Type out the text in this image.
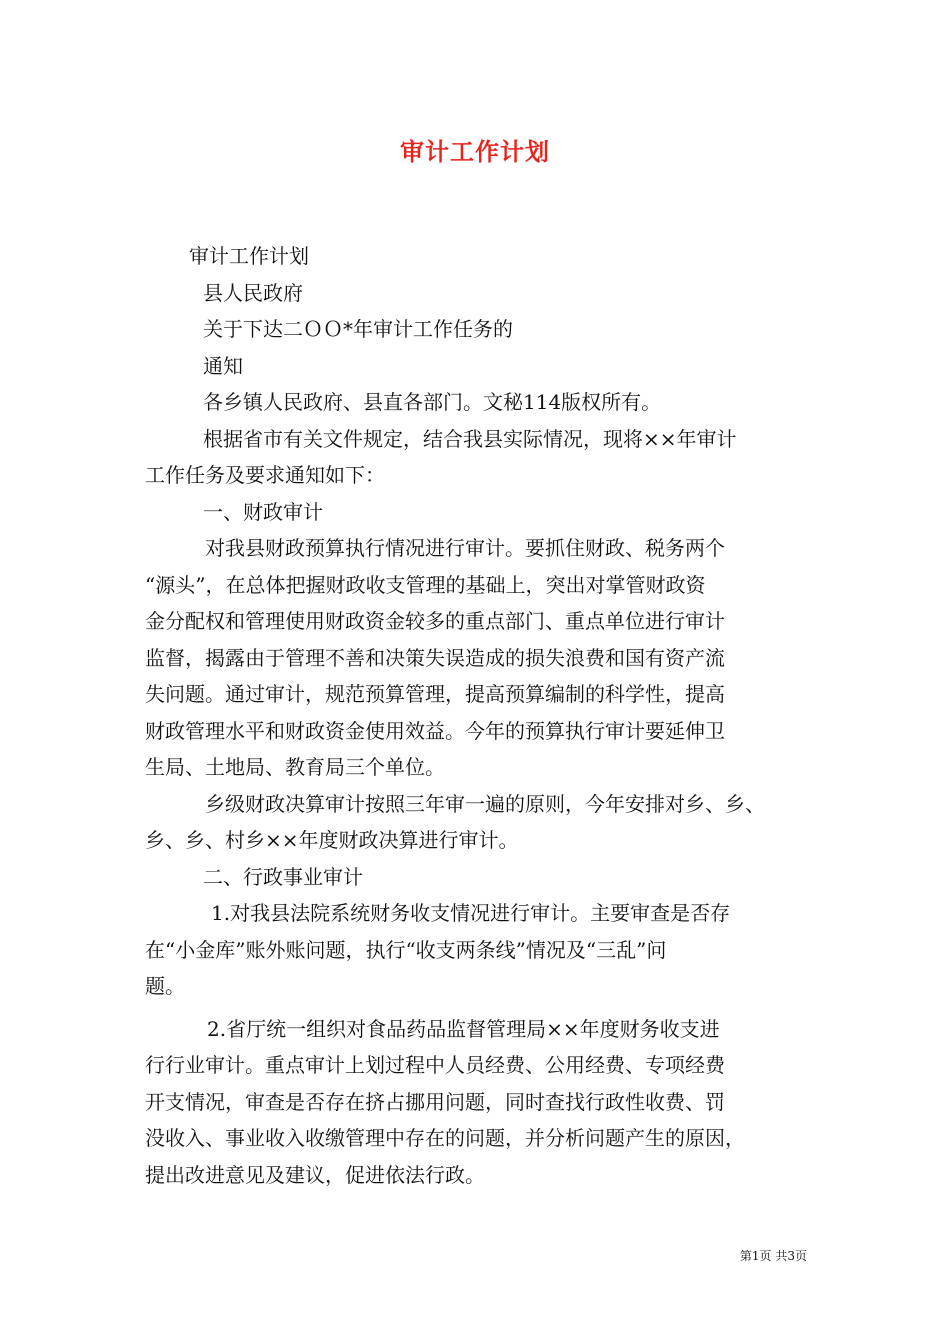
审计工作计划
审计工作计划
县人民政府
关于下达二ＯＯ*年审计工作任务的
通知
各乡镇人民政府、县直各部门。文秘114版权所有。
根据省市有关文件规定，结合我县实际情况，现将××年审计
工作任务及要求通知如下：
一、财政审计
对我县财政预算执行情况进行审计。要抓住财政、税务两个
“源头”，在总体把握财政收支管理的基础上，突出对掌管财政资
金分配权和管理使用财政资金较多的重点部门、重点单位进行审计
监督，揭露由于管理不善和决策失误造成的损失浪费和国有资产流
失问题。通过审计，规范预算管理，提高预算编制的科学性，提高
财政管理水平和财政资金使用效益。今年的预算执行审计要延伸卫
生局、土地局、教育局三个单位。
乡级财政决算审计按照三年审一遍的原则，今年安排对乡、乡、
乡、乡、村乡××年度财政决算进行审计。
二、行政事业审计
1.对我县法院系统财务收支情况进行审计。主要审查是否存
在“小金库”账外账问题，执行“收支两条线”情况及“三乱”问
题。
2.省厅统一组织对食品药品监督管理局××年度财务收支进
行行业审计。重点审计上划过程中人员经费、公用经费、专项经费
开支情况，审查是否存在挤占挪用问题，同时查找行政性收费、罚
没收入、事业收入收缴管理中存在的问题，并分析问题产生的原因，
提出改进意见及建议，促进依法行政。
第1页 共3页
